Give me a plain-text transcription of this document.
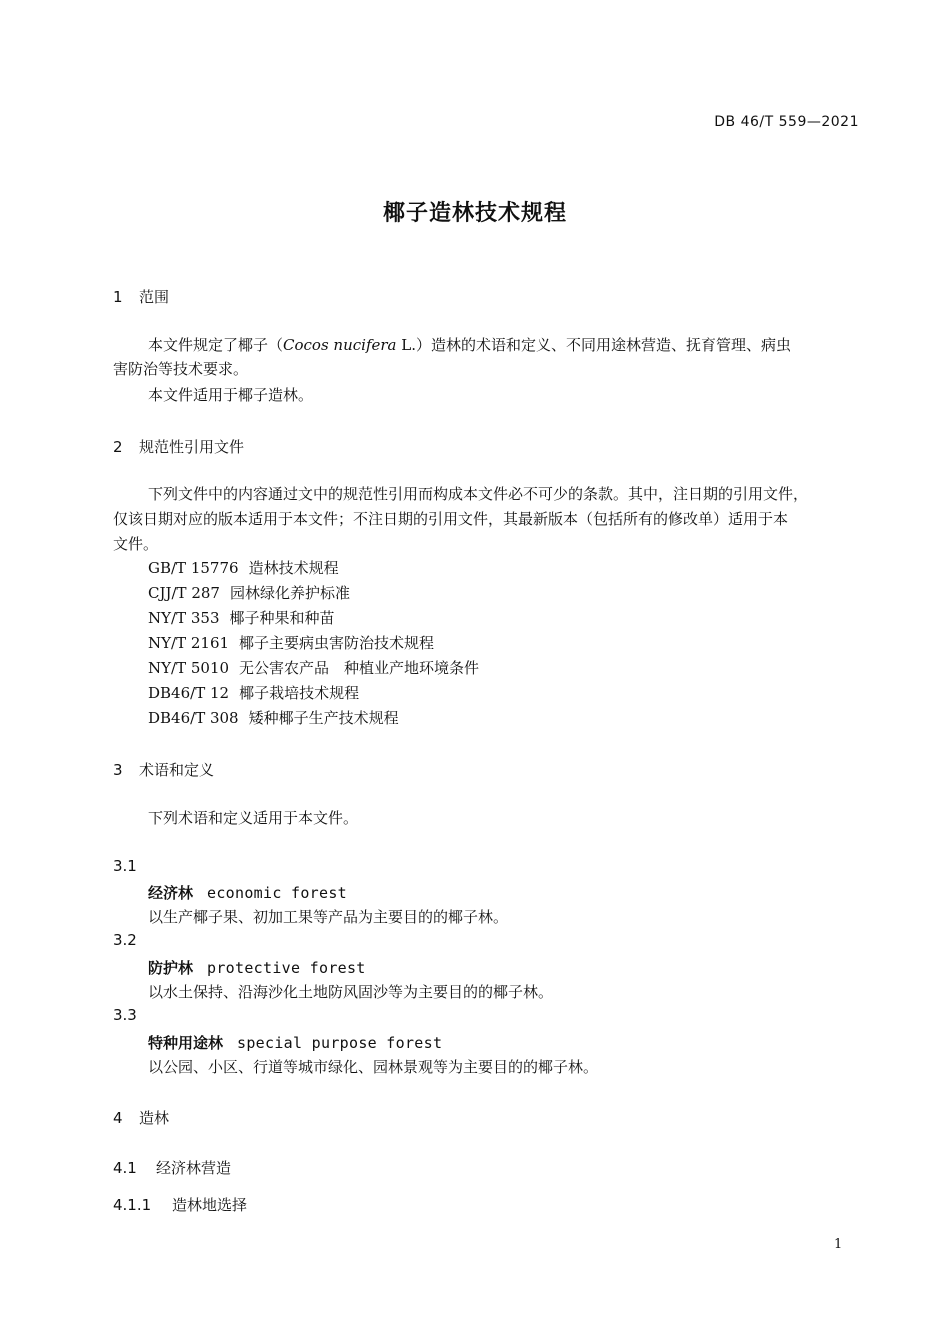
DB 46/T 559—2021
椰子造林技术规程
1 范围
本文件规定了椰子（Cocos nucifera L.）造林的术语和定义、不同用途林营造、抚育管理、病虫
害防治等技术要求。
本文件适用于椰子造林。
2 规范性引用文件
下列文件中的内容通过文中的规范性引用而构成本文件必不可少的条款。其中，注日期的引用文件，
仅该日期对应的版本适用于本文件；不注日期的引用文件，其最新版本（包括所有的修改单）适用于本
文件。
GB/T 15776 造林技术规程
CJJ/T 287 园林绿化养护标准
NY/T 353 椰子种果和种苗
NY/T 2161 椰子主要病虫害防治技术规程
NY/T 5010 无公害农产品　种植业产地环境条件
DB46/T 12 椰子栽培技术规程
DB46/T 308 矮种椰子生产技术规程
3 术语和定义
下列术语和定义适用于本文件。
3.1
经济林 economic forest
以生产椰子果、初加工果等产品为主要目的的椰子林。
3.2
防护林 protective forest
以水土保持、沿海沙化土地防风固沙等为主要目的的椰子林。
3.3
特种用途林 special purpose forest
以公园、小区、行道等城市绿化、园林景观等为主要目的的椰子林。
4 造林
4.1 经济林营造
4.1.1 造林地选择
1
